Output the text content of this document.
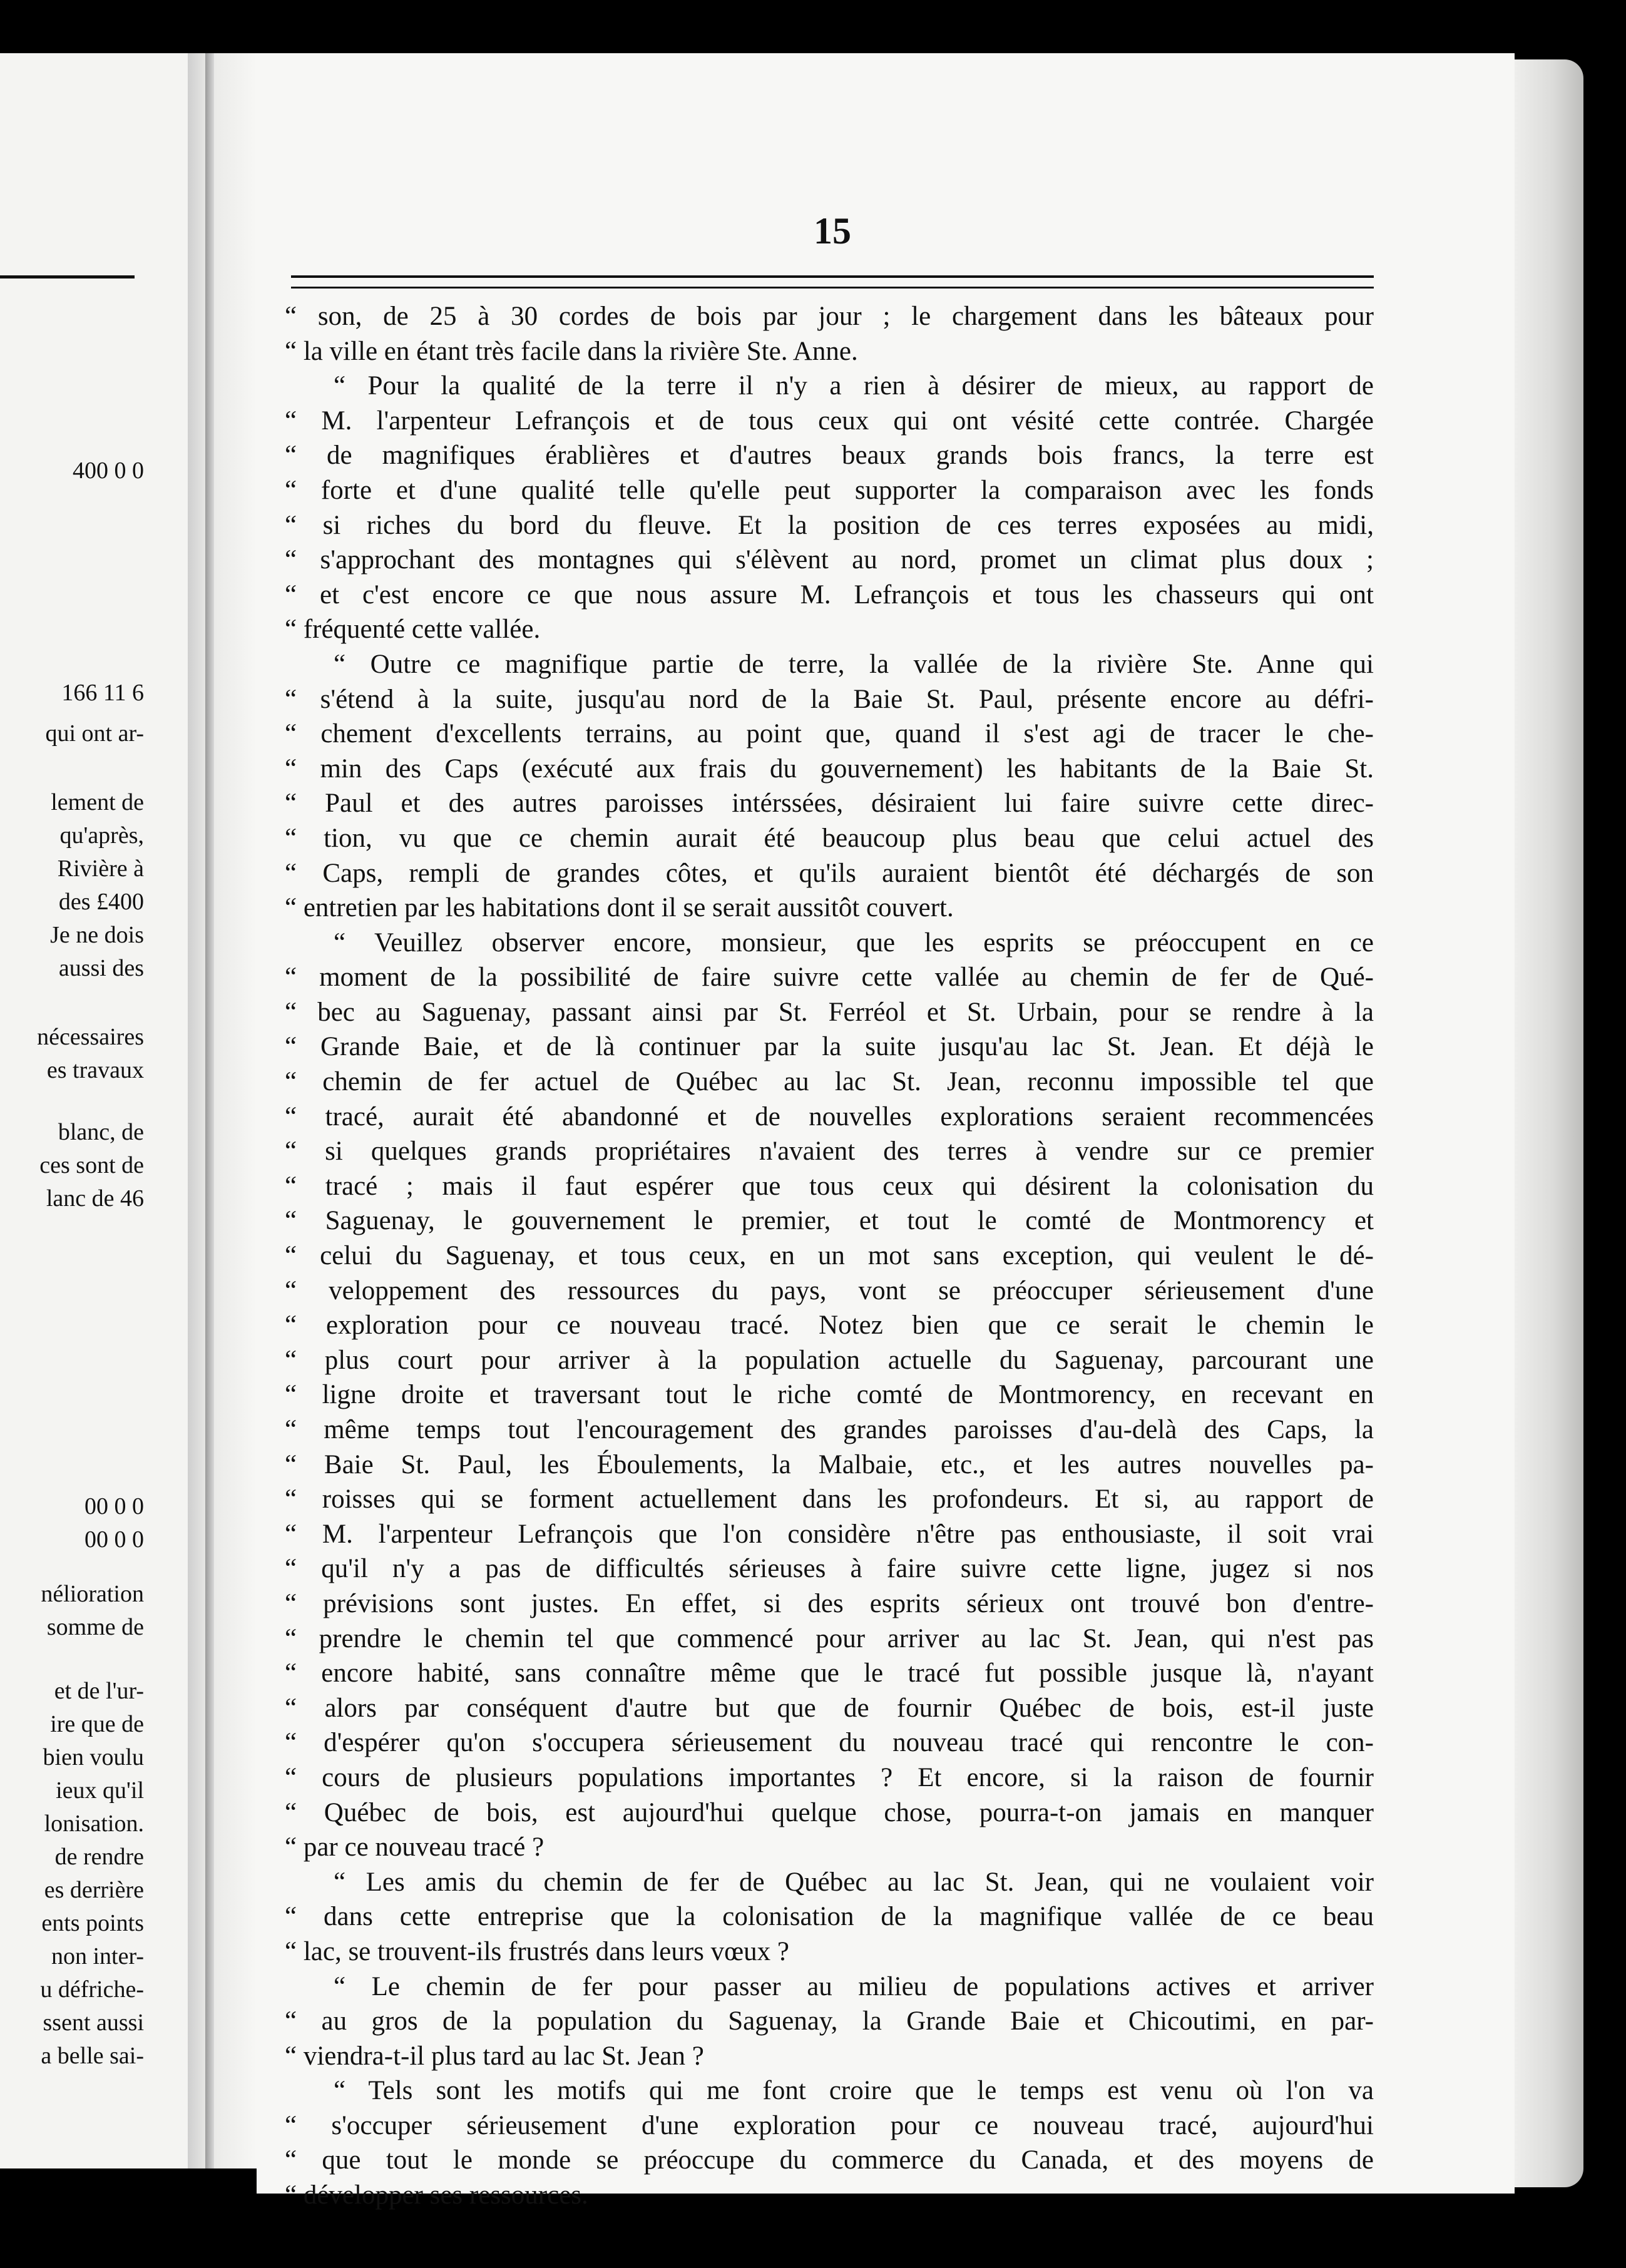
400 0 0
166 11 6
qui ont ar-
lement de
qu'après,
Rivière à
des £400
Je ne dois
aussi des
nécessaires
es travaux
blanc, de
ces sont de
lanc de 46
00 0 0
00 0 0
nélioration
somme de
et de l'ur-
ire que de
bien voulu
ieux qu'il
lonisation.
de rendre
es derrière
ents points
non inter-
u défriche-
ssent aussi
a belle sai-
15
“ son, de 25 à 30 cordes de bois par jour ; le chargement dans les bâteaux pour
“ la ville en étant très facile dans la rivière Ste. Anne.
“ Pour la qualité de la terre il n'y a rien à désirer de mieux, au rapport de
“ M. l'arpenteur Lefrançois et de tous ceux qui ont vésité cette contrée. Chargée
“ de magnifiques érablières et d'autres beaux grands bois francs, la terre est
“ forte et d'une qualité telle qu'elle peut supporter la comparaison avec les fonds
“ si riches du bord du fleuve. Et la position de ces terres exposées au midi,
“ s'approchant des montagnes qui s'élèvent au nord, promet un climat plus doux ;
“ et c'est encore ce que nous assure M. Lefrançois et tous les chasseurs qui ont
“ fréquenté cette vallée.
“ Outre ce magnifique partie de terre, la vallée de la rivière Ste. Anne qui
“ s'étend à la suite, jusqu'au nord de la Baie St. Paul, présente encore au défri-
“ chement d'excellents terrains, au point que, quand il s'est agi de tracer le che-
“ min des Caps (exécuté aux frais du gouvernement) les habitants de la Baie St.
“ Paul et des autres paroisses intérssées, désiraient lui faire suivre cette direc-
“ tion, vu que ce chemin aurait été beaucoup plus beau que celui actuel des
“ Caps, rempli de grandes côtes, et qu'ils auraient bientôt été déchargés de son
“ entretien par les habitations dont il se serait aussitôt couvert.
“ Veuillez observer encore, monsieur, que les esprits se préoccupent en ce
“ moment de la possibilité de faire suivre cette vallée au chemin de fer de Qué-
“ bec au Saguenay, passant ainsi par St. Ferréol et St. Urbain, pour se rendre à la
“ Grande Baie, et de là continuer par la suite jusqu'au lac St. Jean. Et déjà le
“ chemin de fer actuel de Québec au lac St. Jean, reconnu impossible tel que
“ tracé, aurait été abandonné et de nouvelles explorations seraient recommencées
“ si quelques grands propriétaires n'avaient des terres à vendre sur ce premier
“ tracé ; mais il faut espérer que tous ceux qui désirent la colonisation du
“ Saguenay, le gouvernement le premier, et tout le comté de Montmorency et
“ celui du Saguenay, et tous ceux, en un mot sans exception, qui veulent le dé-
“ veloppement des ressources du pays, vont se préoccuper sérieusement d'une
“ exploration pour ce nouveau tracé. Notez bien que ce serait le chemin le
“ plus court pour arriver à la population actuelle du Saguenay, parcourant une
“ ligne droite et traversant tout le riche comté de Montmorency, en recevant en
“ même temps tout l'encouragement des grandes paroisses d'au-delà des Caps, la
“ Baie St. Paul, les Éboulements, la Malbaie, etc., et les autres nouvelles pa-
“ roisses qui se forment actuellement dans les profondeurs. Et si, au rapport de
“ M. l'arpenteur Lefrançois que l'on considère n'être pas enthousiaste, il soit vrai
“ qu'il n'y a pas de difficultés sérieuses à faire suivre cette ligne, jugez si nos
“ prévisions sont justes. En effet, si des esprits sérieux ont trouvé bon d'entre-
“ prendre le chemin tel que commencé pour arriver au lac St. Jean, qui n'est pas
“ encore habité, sans connaître même que le tracé fut possible jusque là, n'ayant
“ alors par conséquent d'autre but que de fournir Québec de bois, est-il juste
“ d'espérer qu'on s'occupera sérieusement du nouveau tracé qui rencontre le con-
“ cours de plusieurs populations importantes ? Et encore, si la raison de fournir
“ Québec de bois, est aujourd'hui quelque chose, pourra-t-on jamais en manquer
“ par ce nouveau tracé ?
“ Les amis du chemin de fer de Québec au lac St. Jean, qui ne voulaient voir
“ dans cette entreprise que la colonisation de la magnifique vallée de ce beau
“ lac, se trouvent-ils frustrés dans leurs vœux ?
“ Le chemin de fer pour passer au milieu de populations actives et arriver
“ au gros de la population du Saguenay, la Grande Baie et Chicoutimi, en par-
“ viendra-t-il plus tard au lac St. Jean ?
“ Tels sont les motifs qui me font croire que le temps est venu où l'on va
“ s'occuper sérieusement d'une exploration pour ce nouveau tracé, aujourd'hui
“ que tout le monde se préoccupe du commerce du Canada, et des moyens de
“ développer ses ressources.
